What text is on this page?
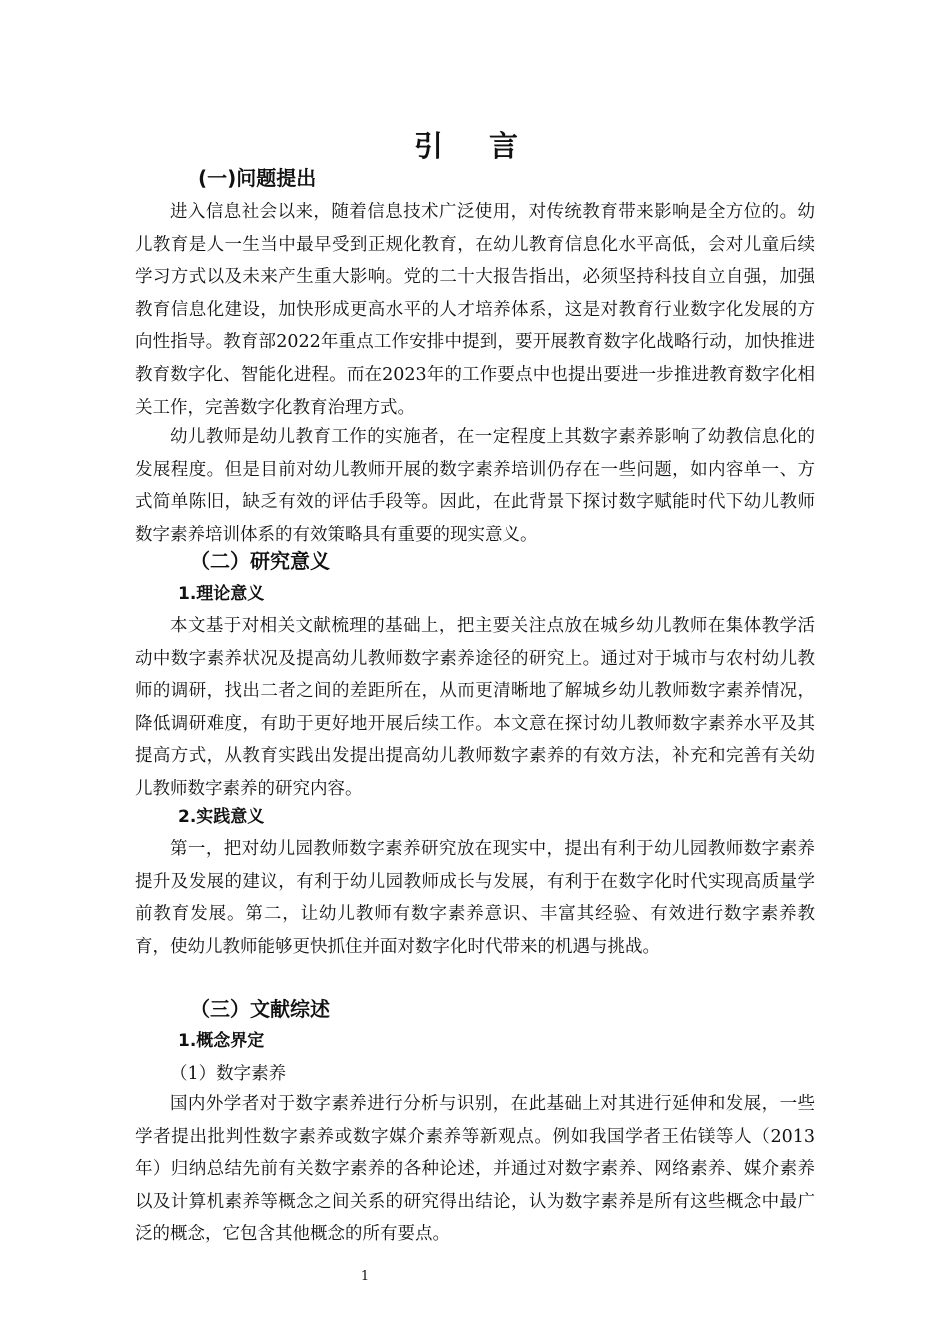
引 言
(一)问题提出

进入信息社会以来，随着信息技术广泛使用，对传统教育带来影响是全方位的。幼儿教育是人一生当中最早受到正规化教育，在幼儿教育信息化水平高低，会对儿童后续学习方式以及未来产生重大影响。党的二十大报告指出，必须坚持科技自立自强，加强教育信息化建设，加快形成更高水平的人才培养体系，这是对教育行业数字化发展的方向性指导。教育部2022年重点工作安排中提到，要开展教育数字化战略行动，加快推进教育数字化、智能化进程。而在2023年的工作要点中也提出要进一步推进教育数字化相关工作，完善数字化教育治理方式。

幼儿教师是幼儿教育工作的实施者，在一定程度上其数字素养影响了幼教信息化的发展程度。但是目前对幼儿教师开展的数字素养培训仍存在一些问题，如内容单一、方式简单陈旧，缺乏有效的评估手段等。因此，在此背景下探讨数字赋能时代下幼儿教师数字素养培训体系的有效策略具有重要的现实意义。

（二）研究意义
1.理论意义

本文基于对相关文献梳理的基础上，把主要关注点放在城乡幼儿教师在集体教学活动中数字素养状况及提高幼儿教师数字素养途径的研究上。通过对于城市与农村幼儿教师的调研，找出二者之间的差距所在，从而更清晰地了解城乡幼儿教师数字素养情况，降低调研难度，有助于更好地开展后续工作。本文意在探讨幼儿教师数字素养水平及其提高方式，从教育实践出发提出提高幼儿教师数字素养的有效方法，补充和完善有关幼儿教师数字素养的研究内容。

2.实践意义

第一，把对幼儿园教师数字素养研究放在现实中，提出有利于幼儿园教师数字素养提升及发展的建议，有利于幼儿园教师成长与发展，有利于在数字化时代实现高质量学前教育发展。第二，让幼儿教师有数字素养意识、丰富其经验、有效进行数字素养教育，使幼儿教师能够更快抓住并面对数字化时代带来的机遇与挑战。

（三）文献综述
1.概念界定
（1）数字素养

国内外学者对于数字素养进行分析与识别，在此基础上对其进行延伸和发展，一些学者提出批判性数字素养或数字媒介素养等新观点。例如我国学者王佑镁等人（2013年）归纳总结先前有关数字素养的各种论述，并通过对数字素养、网络素养、媒介素养以及计算机素养等概念之间关系的研究得出结论，认为数字素养是所有这些概念中最广泛的概念，它包含其他概念的所有要点。

1
